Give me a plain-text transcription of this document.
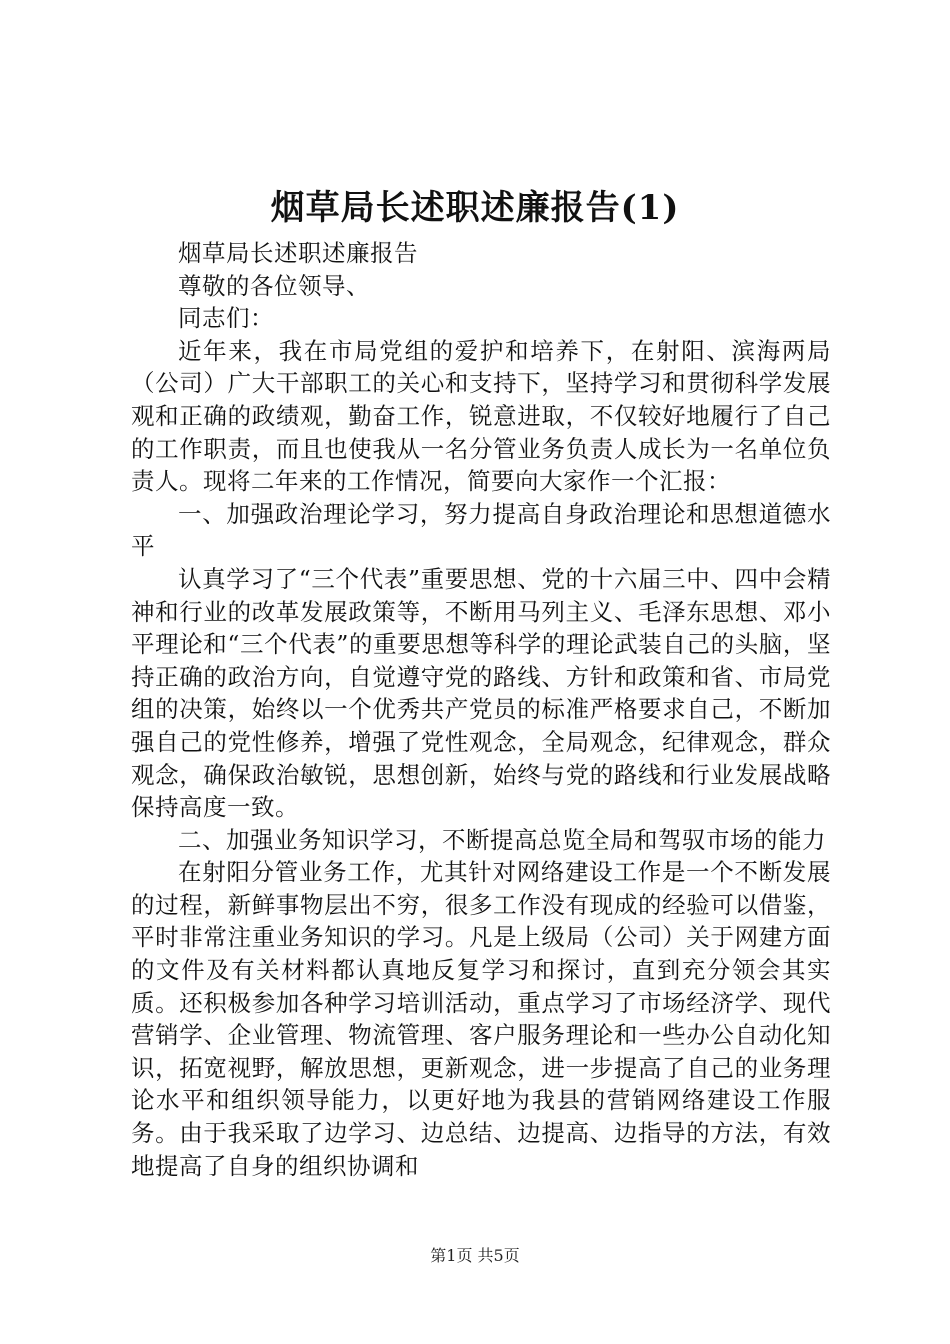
烟草局长述职述廉报告(1)

烟草局长述职述廉报告

尊敬的各位领导、

同志们：

近年来，我在市局党组的爱护和培养下，在射阳、滨海两局（公司）广大干部职工的关心和支持下，坚持学习和贯彻科学发展观和正确的政绩观，勤奋工作，锐意进取，不仅较好地履行了自己的工作职责，而且也使我从一名分管业务负责人成长为一名单位负责人。现将二年来的工作情况，简要向大家作一个汇报：

一、加强政治理论学习，努力提高自身政治理论和思想道德水平

认真学习了“三个代表”重要思想、党的十六届三中、四中会精神和行业的改革发展政策等，不断用马列主义、毛泽东思想、邓小平理论和“三个代表”的重要思想等科学的理论武装自己的头脑，坚持正确的政治方向，自觉遵守党的路线、方针和政策和省、市局党组的决策，始终以一个优秀共产党员的标准严格要求自己，不断加强自己的党性修养，增强了党性观念，全局观念，纪律观念，群众观念，确保政治敏锐，思想创新，始终与党的路线和行业发展战略保持高度一致。

二、加强业务知识学习，不断提高总览全局和驾驭市场的能力

在射阳分管业务工作，尤其针对网络建设工作是一个不断发展的过程，新鲜事物层出不穷，很多工作没有现成的经验可以借鉴，平时非常注重业务知识的学习。凡是上级局（公司）关于网建方面的文件及有关材料都认真地反复学习和探讨，直到充分领会其实质。还积极参加各种学习培训活动，重点学习了市场经济学、现代营销学、企业管理、物流管理、客户服务理论和一些办公自动化知识，拓宽视野，解放思想，更新观念，进一步提高了自己的业务理论水平和组织领导能力，以更好地为我县的营销网络建设工作服务。由于我采取了边学习、边总结、边提高、边指导的方法，有效地提高了自身的组织协调和

第1页 共5页
